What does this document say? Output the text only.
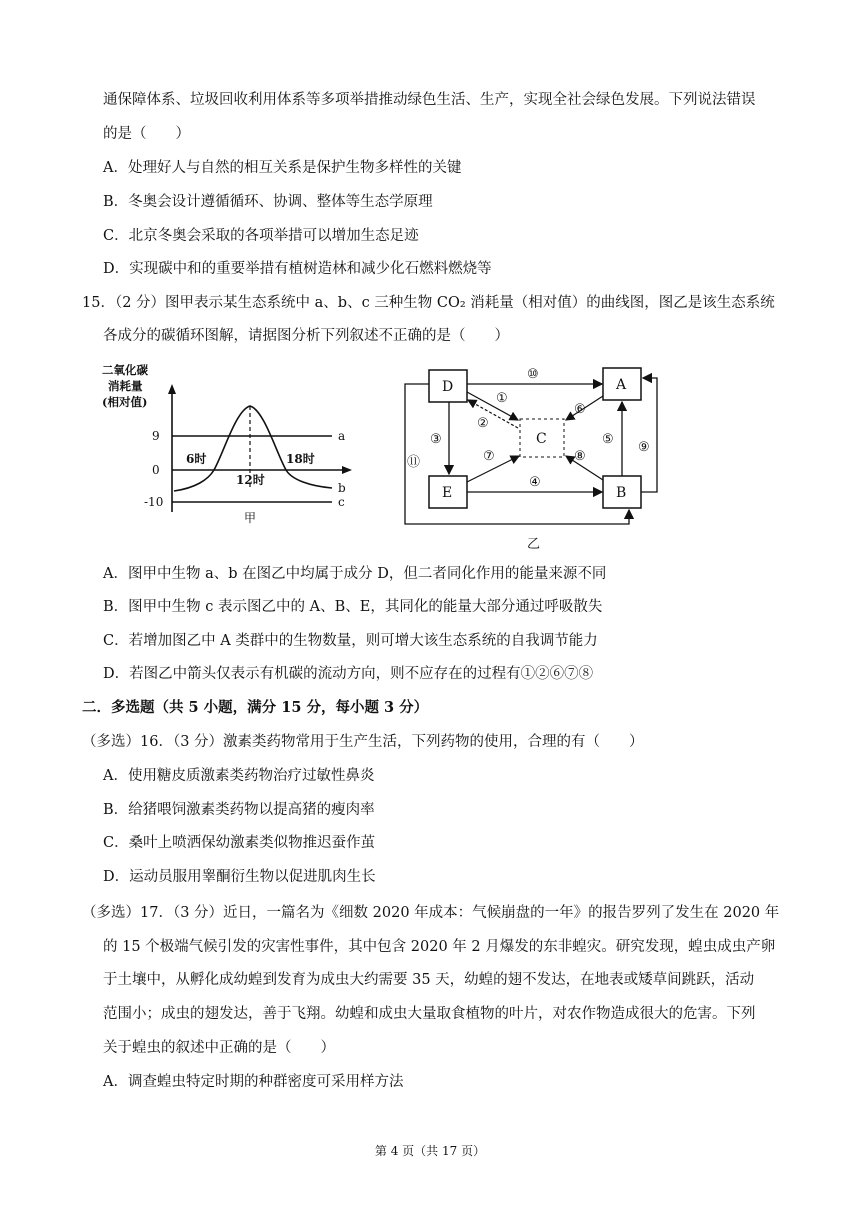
通保障体系、垃圾回收利用体系等多项举措推动绿色生活、生产，实现全社会绿色发展。下列说法错误
的是（　　）
A．处理好人与自然的相互关系是保护生物多样性的关键
B．冬奥会设计遵循循环、协调、整体等生态学原理
C．北京冬奥会采取的各项举措可以增加生态足迹
D．实现碳中和的重要举措有植树造林和减少化石燃料燃烧等
15．（2 分）图甲表示某生态系统中 a、b、c 三种生物 CO₂ 消耗量（相对值）的曲线图，图乙是该生态系统
各成分的碳循环图解，请据图分析下列叙述不正确的是（　　）
二氧化碳
消耗量
(相对值)
9
0
-10
a
b
c
6时
12时
18时
甲
D	A
C
E	B
⑩
①
②
③
④
⑤
⑥
⑦	⑧
⑨
⑪
乙
A．图甲中生物 a、b 在图乙中均属于成分 D，但二者同化作用的能量来源不同
B．图甲中生物 c 表示图乙中的 A、B、E，其同化的能量大部分通过呼吸散失
C．若增加图乙中 A 类群中的生物数量，则可增大该生态系统的自我调节能力
D．若图乙中箭头仅表示有机碳的流动方向，则不应存在的过程有①②⑥⑦⑧
二．多选题（共 5 小题，满分 15 分，每小题 3 分）
（多选）16．（3 分）激素类药物常用于生产生活，下列药物的使用，合理的有（　　）
A．使用糖皮质激素类药物治疗过敏性鼻炎
B．给猪喂饲激素类药物以提高猪的瘦肉率
C．桑叶上喷洒保幼激素类似物推迟蚕作茧
D．运动员服用睾酮衍生物以促进肌肉生长
（多选）17．（3 分）近日，一篇名为《细数 2020 年成本：气候崩盘的一年》的报告罗列了发生在 2020 年
的 15 个极端气候引发的灾害性事件，其中包含 2020 年 2 月爆发的东非蝗灾。研究发现，蝗虫成虫产卵
于土壤中，从孵化成幼蝗到发育为成虫大约需要 35 天，幼蝗的翅不发达，在地表或矮草间跳跃，活动
范围小；成虫的翅发达，善于飞翔。幼蝗和成虫大量取食植物的叶片，对农作物造成很大的危害。下列
关于蝗虫的叙述中正确的是（　　）
A．调查蝗虫特定时期的种群密度可采用样方法
第 4 页（共 17 页）
